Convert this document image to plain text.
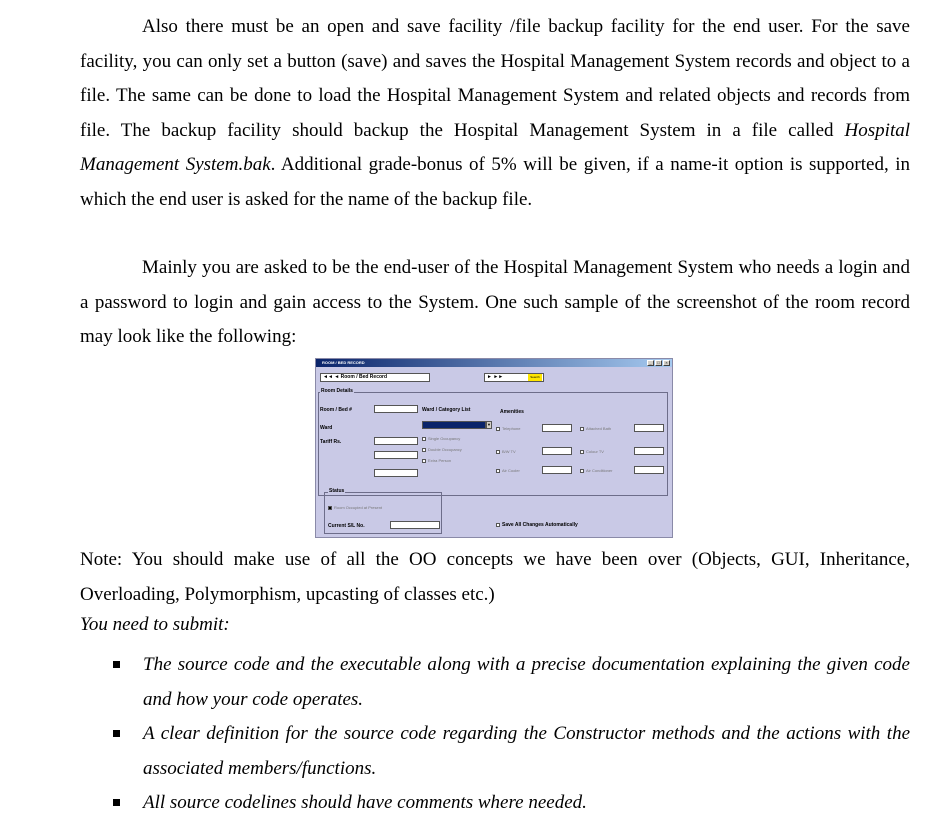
Also there must be an open and save facility /file backup facility for the end user. For the save facility, you can only set a button (save) and saves the Hospital Management System records and object to a file. The same can be done to load the Hospital Management System and related objects and records from file. The backup facility should backup the Hospital Management System in a file called Hospital Management System.bak. Additional grade-bonus of 5% will be given, if a name-it option is supported, in which the end user is asked for the name of the backup file.

Mainly you are asked to be the end-user of the Hospital Management System who needs a login and a password to login and gain access to the System. One such sample of the screenshot of the room record may look like the following:

ROOM / BED RECORD	_	□	×
◄◄ ◄ Room / Bed Record	► ►►	Search
Room Details
Room / Bed #
Ward
Tariff Rs.
Ward / Category List
▼
Single Occupancy
Double Occupancy
Extra Person
Amenities
Telephone	Attached Bath
B/W TV	Colour TV
Air Cooler	Air Conditioner
Status
Room Occupied at Present
Current S/L No.	Save All Changes Automatically

Note: You should make use of all the OO concepts we have been over (Objects, GUI, Inheritance, Overloading, Polymorphism, upcasting of classes etc.)

You need to submit:

The source code and the executable along with a precise documentation explaining the given code and how your code operates.
A clear definition for the source code regarding the Constructor methods and the actions with the associated members/functions.
All source codelines should have comments where needed.
